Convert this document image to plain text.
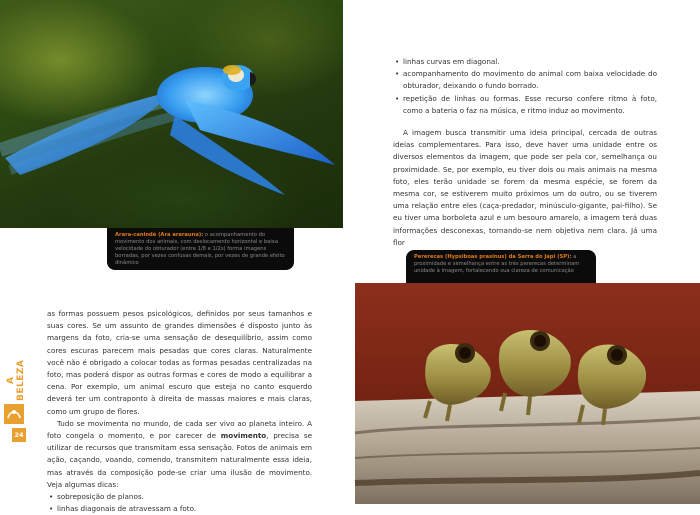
Arara-canindé (Ara ararauna): o acompanhamento do movimento dos animais, com deslocamento horizontal e baixa velocidade do obturador (entre 1/8 e 1/2s) forma imagens borradas, por vezes confusas demais, por vezes de grande efeito dinâmico
• linhas curvas em diagonal.
• acompanhamento do movimento do animal com baixa velocidade do obturador, deixando o fundo borrado.
• repetição de linhas ou formas. Esse recurso confere ritmo à foto, como a bateria o faz na música, e ritmo induz ao movimento.

A imagem busca transmitir uma ideia principal, cercada de outras ideias complementares. Para isso, deve haver uma unidade entre os diversos elementos da imagem, que pode ser pela cor, semelhança ou proximidade. Se, por exemplo, eu tiver dois ou mais animais na mesma foto, eles terão unidade se forem da mesma espécie, se forem da mesma cor, se estiverem muito próximos um do outro, ou se tiverem uma relação entre eles (caça-predador, minúsculo-gigante, pai-filho). Se eu tiver uma borboleta azul e um besouro amarelo, a imagem terá duas informações desconexas, tornando-se nem objetiva nem clara. Já uma flor

Pererecas (Hypsiboas prasinus) da Serra do Japi (SP): a proximidade e semelhança entre as três pererecas determinam unidade à imagem, fortalecendo sua clareza de comunicação

as formas possuem pesos psicológicos, definidos por seus tamanhos e suas cores. Se um assunto de grandes dimensões é disposto junto às margens da foto, cria-se uma sensação de desequilíbrio, assim como cores escuras parecem mais pesadas que cores claras. Naturalmente você não é obrigado a colocar todas as formas pesadas centralizadas na foto, mas poderá dispor as outras formas e cores de modo a equilibrar a cena. Por exemplo, um animal escuro que esteja no canto esquerdo deverá ter um contraponto à direita de massas maiores e mais claras, como um grupo de flores.

Tudo se movimenta no mundo, de cada ser vivo ao planeta inteiro. A foto congela o momento, e por carecer de movimento, precisa se utilizar de recursos que transmitam essa sensação. Fotos de animais em ação, caçando, voando, comendo, transmitem naturalmente essa ideia, mas através da composição pode-se criar uma ilusão de movimento. Veja algumas dicas:

• sobreposição de planos.
• linhas diagonais de atravessam a foto.
A BELEZA
24
